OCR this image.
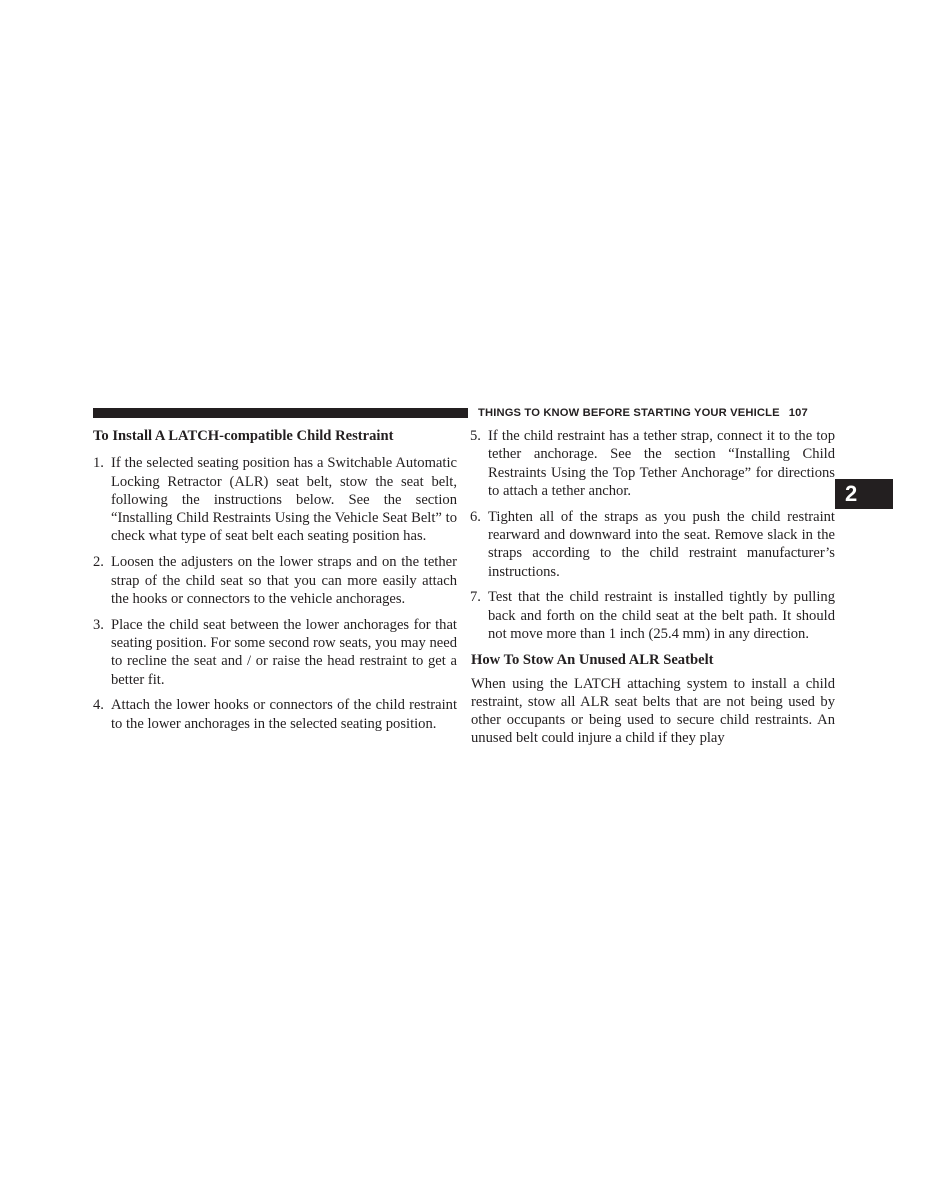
THINGS TO KNOW BEFORE STARTING YOUR VEHICLE 107
2
To Install A LATCH-compatible Child Restraint
1. If the selected seating position has a Switchable Automatic Locking Retractor (ALR) seat belt, stow the seat belt, following the instructions below. See the section “Installing Child Restraints Using the Vehicle Seat Belt” to check what type of seat belt each seating position has.
2. Loosen the adjusters on the lower straps and on the tether strap of the child seat so that you can more easily attach the hooks or connectors to the vehicle anchorages.
3. Place the child seat between the lower anchorages for that seating position. For some second row seats, you may need to recline the seat and / or raise the head restraint to get a better fit.
4. Attach the lower hooks or connectors of the child restraint to the lower anchorages in the selected seating position.
5. If the child restraint has a tether strap, connect it to the top tether anchorage. See the section “Installing Child Restraints Using the Top Tether Anchorage” for directions to attach a tether anchor.
6. Tighten all of the straps as you push the child restraint rearward and downward into the seat. Remove slack in the straps according to the child restraint manufacturer’s instructions.
7. Test that the child restraint is installed tightly by pulling back and forth on the child seat at the belt path. It should not move more than 1 inch (25.4 mm) in any direction.
How To Stow An Unused ALR Seatbelt

When using the LATCH attaching system to install a child restraint, stow all ALR seat belts that are not being used by other occupants or being used to secure child restraints. An unused belt could injure a child if they play
